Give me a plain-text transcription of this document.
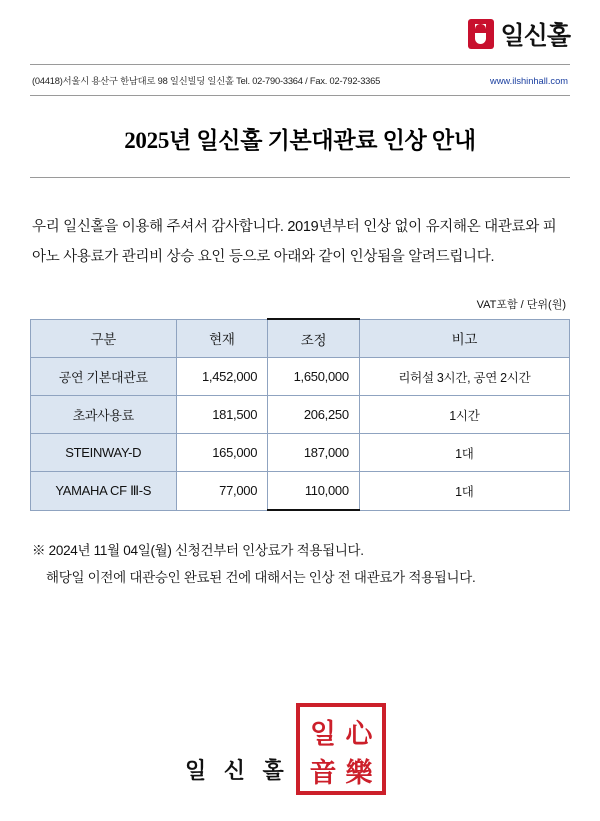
일신홀
(04418)서울시 용산구 한남대로 98 일신빌딩 일신홀 Tel. 02-790-3364 / Fax. 02-792-3365	www.ilshinhall.com
2025년 일신홀 기본대관료 인상 안내
우리 일신홀을 이용해 주셔서 감사합니다. 2019년부터 인상 없이 유지해온 대관료와 피아노 사용료가 관리비 상승 요인 등으로 아래와 같이 인상됨을 알려드립니다.
VAT포함 / 단위(원)
구분	현재	조정	비고
공연 기본대관료	1,452,000	1,650,000	리허설 3시간, 공연 2시간
초과사용료	181,500	206,250	1시간
STEINWAY-D	165,000	187,000	1대
YAMAHA CF Ⅲ-S	77,000	110,000	1대
※ 2024년 11월 04일(월) 신청건부터 인상료가 적용됩니다.
해당일 이전에 대관승인 완료된 건에 대해서는 인상 전 대관료가 적용됩니다.
일 신 홀
일 心
音 樂
